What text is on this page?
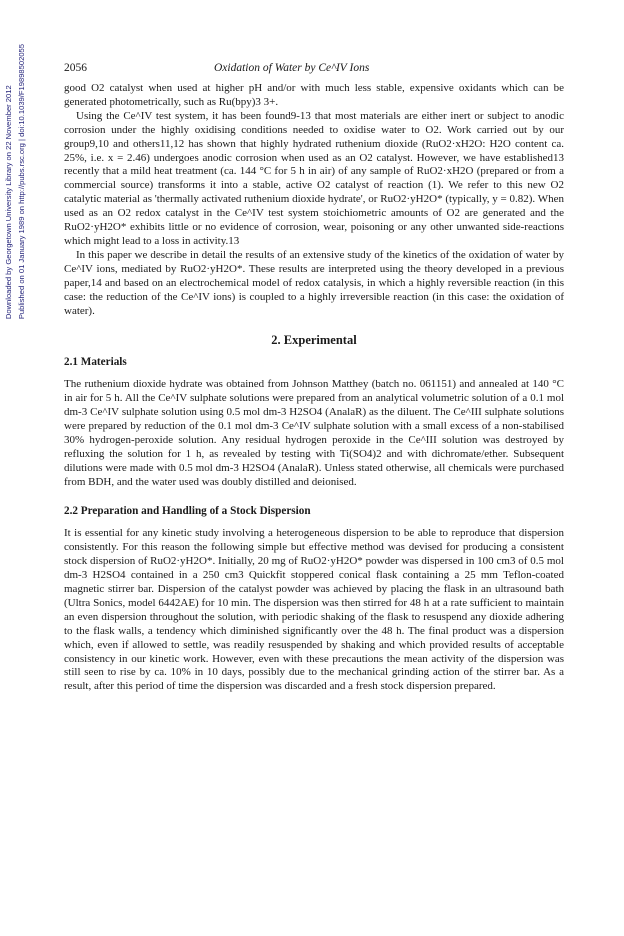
Downloaded by Georgetown University Library on 22 November 2012 Published on 01 January 1989 on http://pubs.rsc.org | doi:10.1039/F19898502055	2056	Oxidation of Water by Ce^IV Ions

good O2 catalyst when used at higher pH and/or with much less stable, expensive oxidants which can be generated photometrically, such as Ru(bpy)3 3+.

Using the Ce^IV test system, it has been found9-13 that most materials are either inert or subject to anodic corrosion under the highly oxidising conditions needed to oxidise water to O2. Work carried out by our group9,10 and others11,12 has shown that highly hydrated ruthenium dioxide (RuO2·xH2O: H2O content ca. 25%, i.e. x = 2.46) undergoes anodic corrosion when used as an O2 catalyst. However, we have established13 recently that a mild heat treatment (ca. 144 °C for 5 h in air) of any sample of RuO2·xH2O (prepared or from a commercial source) transforms it into a stable, active O2 catalyst of reaction (1). We refer to this new O2 catalytic material as 'thermally activated ruthenium dioxide hydrate', or RuO2·yH2O* (typically, y = 0.82). When used as an O2 redox catalyst in the Ce^IV test system stoichiometric amounts of O2 are generated and the RuO2·yH2O* exhibits little or no evidence of corrosion, wear, poisoning or any other unwanted side-reactions which might lead to a loss in activity.13

In this paper we describe in detail the results of an extensive study of the kinetics of the oxidation of water by Ce^IV ions, mediated by RuO2·yH2O*. These results are interpreted using the theory developed in a previous paper,14 and based on an electrochemical model of redox catalysis, in which a highly reversible reaction (in this case: the reduction of the Ce^IV ions) is coupled to a highly irreversible reaction (in this case: the oxidation of water).

2. Experimental
2.1 Materials

The ruthenium dioxide hydrate was obtained from Johnson Matthey (batch no. 061151) and annealed at 140 °C in air for 5 h. All the Ce^IV sulphate solutions were prepared from an analytical volumetric solution of a 0.1 mol dm-3 Ce^IV sulphate solution using 0.5 mol dm-3 H2SO4 (AnalaR) as the diluent. The Ce^III sulphate solutions were prepared by reduction of the 0.1 mol dm-3 Ce^IV sulphate solution with a small excess of a non-stabilised 30% hydrogen-peroxide solution. Any residual hydrogen peroxide in the Ce^III solution was destroyed by refluxing the solution for 1 h, as revealed by testing with Ti(SO4)2 and with dichromate/ether. Subsequent dilutions were made with 0.5 mol dm-3 H2SO4 (AnalaR). Unless stated otherwise, all chemicals were purchased from BDH, and the water used was doubly distilled and deionised.

2.2 Preparation and Handling of a Stock Dispersion

It is essential for any kinetic study involving a heterogeneous dispersion to be able to reproduce that dispersion consistently. For this reason the following simple but effective method was devised for producing a consistent stock dispersion of RuO2·yH2O*. Initially, 20 mg of RuO2·yH2O* powder was dispersed in 100 cm3 of 0.5 mol dm-3 H2SO4 contained in a 250 cm3 Quickfit stoppered conical flask containing a 25 mm Teflon-coated magnetic stirrer bar. Dispersion of the catalyst powder was achieved by placing the flask in an ultrasound bath (Ultra Sonics, model 6442AE) for 10 min. The dispersion was then stirred for 48 h at a rate sufficient to maintain an even dispersion throughout the solution, with periodic shaking of the flask to resuspend any dioxide adhering to the flask walls, a tendency which diminished significantly over the 48 h. The final product was a dispersion which, even if allowed to settle, was readily resuspended by shaking and which provided results of acceptable consistency in our kinetic work. However, even with these precautions the mean activity of the dispersion was still seen to rise by ca. 10% in 10 days, possibly due to the mechanical grinding action of the stirrer bar. As a result, after this period of time the dispersion was discarded and a fresh stock dispersion prepared.
